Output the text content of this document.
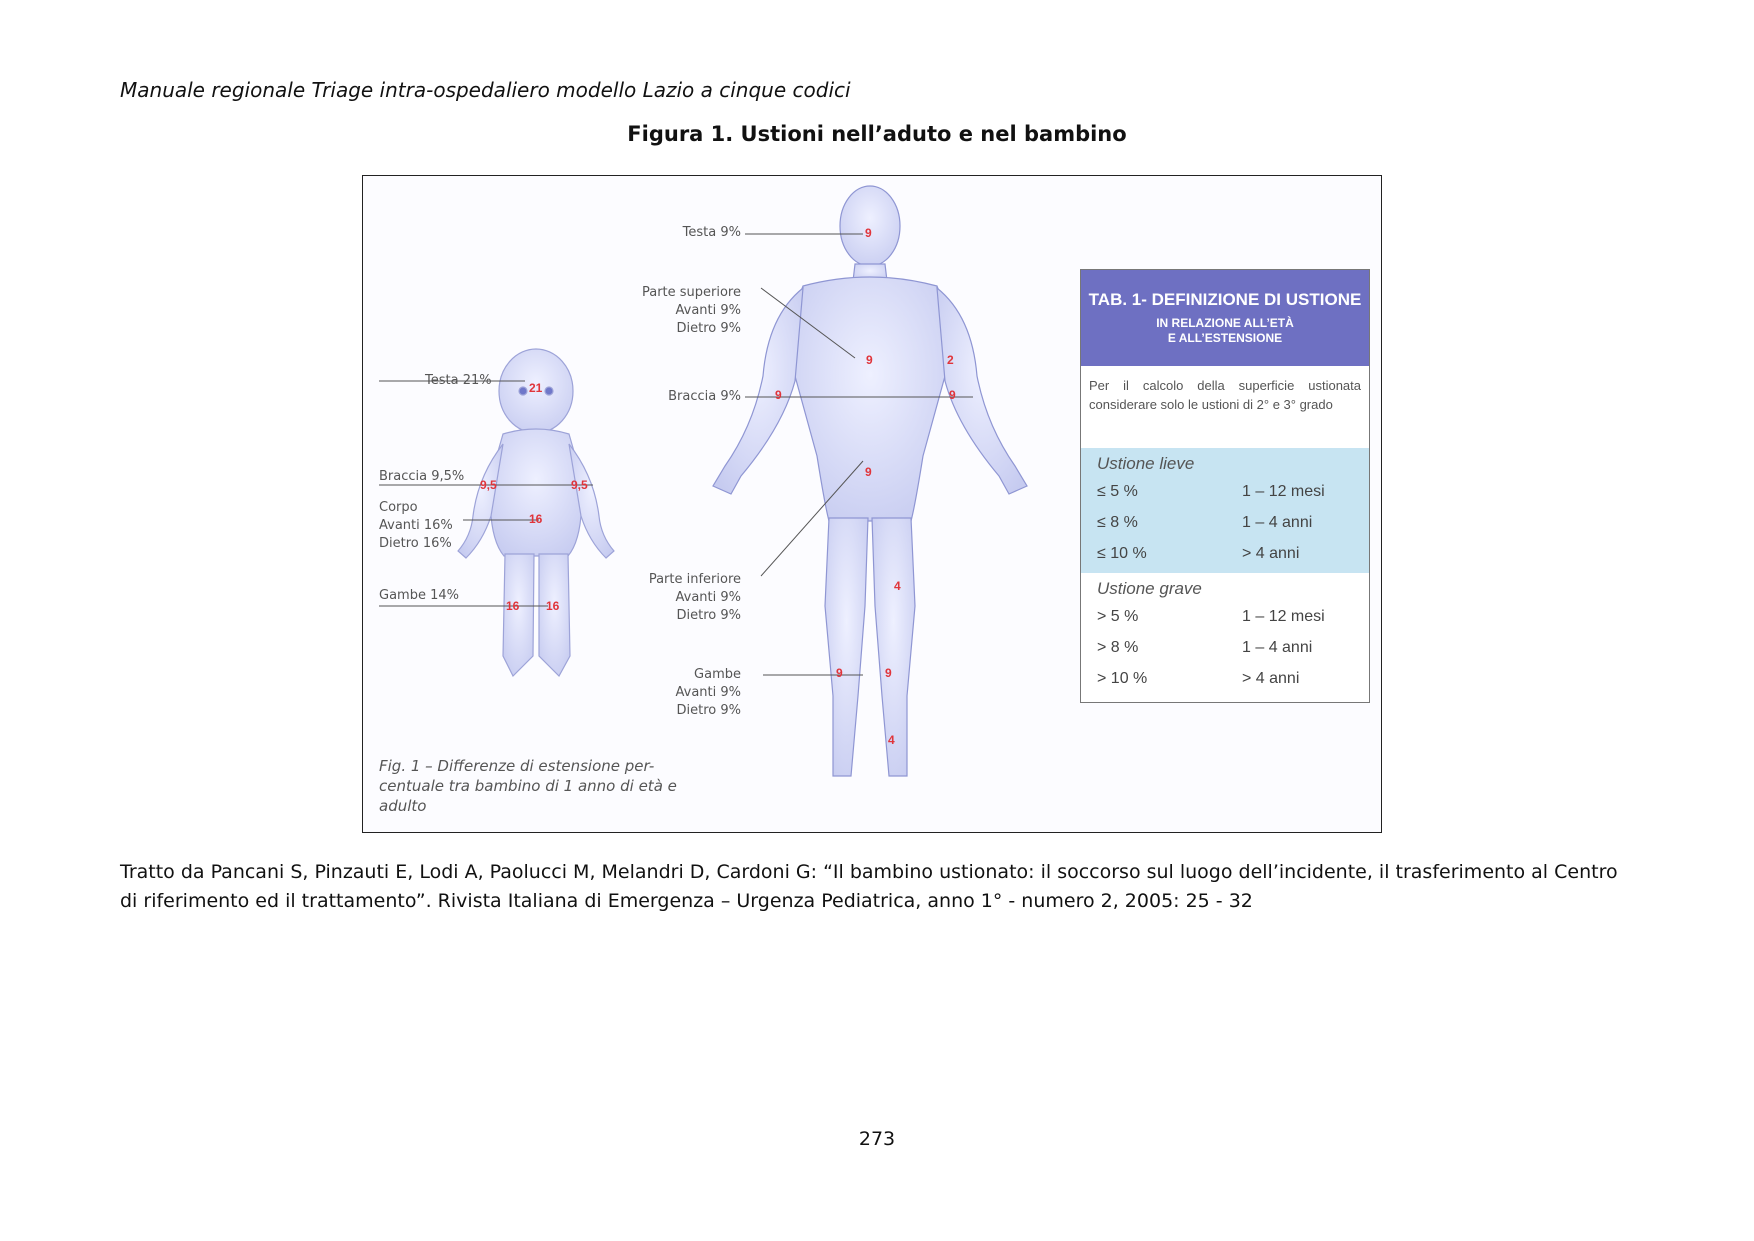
Manuale regionale Triage intra-ospedaliero modello Lazio a cinque codici
Figura 1. Ustioni nell’aduto e nel bambino
Testa 21%
Braccia 9,5%
Corpo
Avanti 16%
Dietro 16%
Gambe 14%
21
9,5	9,5
16
16 16
Testa 9%
Parte superiore
Avanti 9%
Dietro 9%
Braccia 9%
Parte inferiore
Avanti 9%
Dietro 9%
Gambe
Avanti 9%
Dietro 9%
9
9	2
9	9
9
4
9	9
4
Fig. 1 – Differenze di estensione per-centuale tra bambino di 1 anno di età e adulto
TAB. 1- DEFINIZIONE DI USTIONE
IN RELAZIONE ALL’ETÀ
E ALL’ESTENSIONE
Per il calcolo della superficie ustionata considerare solo le ustioni di 2° e 3° grado
Ustione lieve
≤ 5 %	1 – 12 mesi
≤ 8 %	1 – 4 anni
≤ 10 %	> 4 anni
Ustione grave
> 5 %	1 – 12 mesi
> 8 %	1 – 4 anni
> 10 %	> 4 anni
Tratto da Pancani S, Pinzauti E, Lodi A, Paolucci M, Melandri D, Cardoni G: “Il bambino ustionato: il soccorso sul luogo dell’incidente, il trasferimento al Centro di riferimento ed il trattamento”. Rivista Italiana di Emergenza – Urgenza Pediatrica, anno 1° - numero 2, 2005: 25 - 32
273
